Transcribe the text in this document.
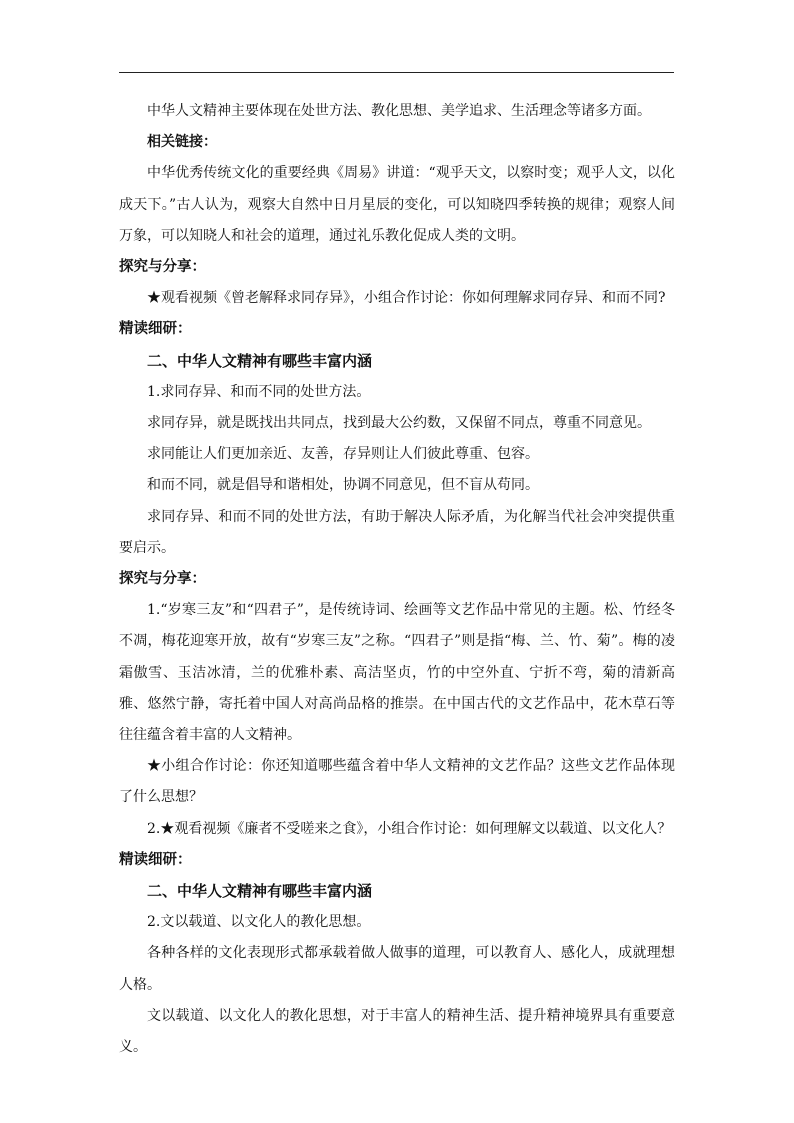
中华人文精神主要体现在处世方法、教化思想、美学追求、生活理念等诸多方面。

相关链接：

中华优秀传统文化的重要经典《周易》讲道：“观乎天文，以察时变；观乎人文，以化成天下。”古人认为，观察大自然中日月星辰的变化，可以知晓四季转换的规律；观察人间万象，可以知晓人和社会的道理，通过礼乐教化促成人类的文明。

探究与分享：

★观看视频《曾老解释求同存异》，小组合作讨论：你如何理解求同存异、和而不同?

精读细研：

二、中华人文精神有哪些丰富内涵

1.求同存异、和而不同的处世方法。

求同存异，就是既找出共同点，找到最大公约数，又保留不同点，尊重不同意见。

求同能让人们更加亲近、友善，存异则让人们彼此尊重、包容。

和而不同，就是倡导和谐相处，协调不同意见，但不盲从苟同。

求同存异、和而不同的处世方法，有助于解决人际矛盾，为化解当代社会冲突提供重要启示。

探究与分享：

1.“岁寒三友”和“四君子”，是传统诗词、绘画等文艺作品中常见的主题。松、竹经冬不凋，梅花迎寒开放，故有“岁寒三友”之称。“四君子”则是指“梅、兰、竹、菊”。梅的凌霜傲雪、玉洁冰清，兰的优雅朴素、高洁坚贞，竹的中空外直、宁折不弯，菊的清新高雅、悠然宁静，寄托着中国人对高尚品格的推崇。在中国古代的文艺作品中，花木草石等往往蕴含着丰富的人文精神。

★小组合作讨论：你还知道哪些蕴含着中华人文精神的文艺作品？这些文艺作品体现了什么思想？

2.★观看视频《廉者不受嗟来之食》，小组合作讨论：如何理解文以载道、以文化人？

精读细研：

二、中华人文精神有哪些丰富内涵

2.文以载道、以文化人的教化思想。

各种各样的文化表现形式都承载着做人做事的道理，可以教育人、感化人，成就理想人格。

文以载道、以文化人的教化思想，对于丰富人的精神生活、提升精神境界具有重要意义。
